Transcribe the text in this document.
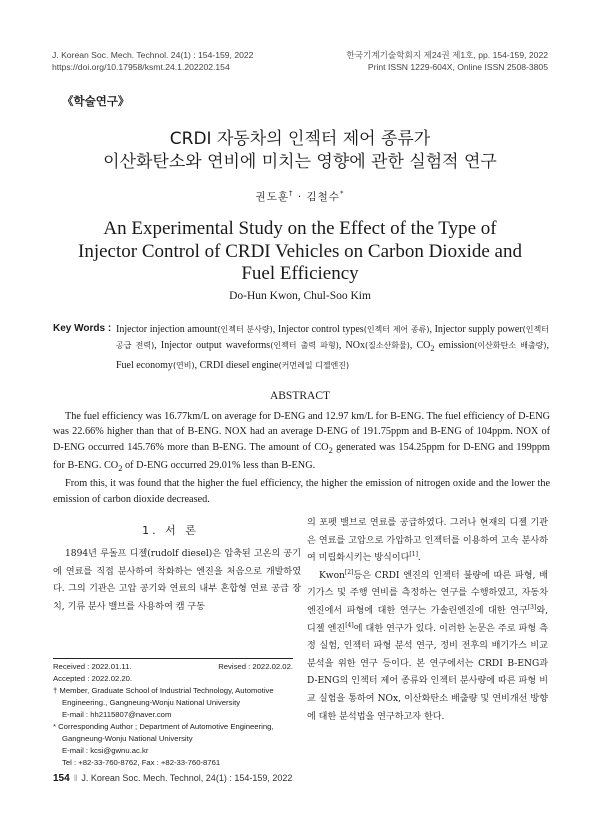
J. Korean Soc. Mech. Technol. 24(1) : 154-159, 2022
https://doi.org/10.17958/ksmt.24.1.202202.154
한국기계기술학회지 제24권 제1호, pp. 154-159, 2022
Print ISSN 1229-604X, Online ISSN 2508-3805
《학술연구》
CRDI 자동차의 인젝터 제어 종류가
이산화탄소와 연비에 미치는 영향에 관한 실험적 연구
권도훈† · 김철수*
An Experimental Study on the Effect of the Type of
Injector Control of CRDI Vehicles on Carbon Dioxide and
Fuel Efficiency
Do-Hun Kwon, Chul-Soo Kim
Key Words : Injector injection amount(인젝터 분사량), Injector control types(인젝터 제어 종류), Injector supply power(인젝터 공급 전력), Injector output waveforms(인젝터 출력 파형), NOx(질소산화물), $CO_2$ emission(이산화탄소 배출량), Fuel economy(연비), CRDI diesel engine(커먼레일 디젤엔진)
ABSTRACT

The fuel efficiency was 16.77km/L on average for D-ENG and 12.97 km/L for B-ENG. The fuel efficiency of D-ENG was 22.66% higher than that of B-ENG. NOX had an average D-ENG of 191.75ppm and B-ENG of 104ppm. NOX of D-ENG occurred 145.76% more than B-ENG. The amount of $CO_2$ generated was 154.25ppm for D-ENG and 199ppm for B-ENG. $CO_2$ of D-ENG occurred 29.01% less than B-ENG.

From this, it was found that the higher the fuel efficiency, the higher the emission of nitrogen oxide and the lower the emission of carbon dioxide decreased.

1. 서 론

1894년 루돌프 디젤(rudolf diesel)은 압축된 고온의 공기에 연료를 직접 분사하여 착화하는 엔진을 처음으로 개발하였다. 그의 기관은 고압 공기와 연료의 내부 혼합형 연료 공급 장치, 기류 분사 밸브를 사용하여 캠 구동

의 포펫 밸브로 연료를 공급하였다. 그러나 현재의 디젤 기관은 연료를 고압으로 가압하고 인젝터를 이용하여 고속 분사하여 미립화시키는 방식이다[1].

Kwon[2]등은 CRDI 엔진의 인젝터 불량에 따른 파형, 배기가스 및 주행 연비를 측정하는 연구를 수행하였고, 자동차 엔진에서 파형에 대한 연구는 가솔린엔진에 대한 연구[3]와, 디젤 엔진[4]에 대한 연구가 있다. 이러한 논문은 주로 파형 측정 실험, 인젝터 파형 분석 연구, 정비 전후의 배기가스 비교분석을 위한 연구 등이다. 본 연구에서는 CRDI B-ENG과 D-ENG의 인젝터 제어 종류와 인젝터 분사량에 따른 파형 비교 실험을 통하여 NOx, 이산화탄소 배출량 및 연비개선 방향에 대한 분석법을 연구하고자 한다.

Received : 2022.01.11.	Revised : 2022.02.02.
Accepted : 2022.02.20.
† Member, Graduate School of Industrial Technology, Automotive Engineering., Gangneung-Wonju National University
E-mail : hh2115807@naver.com
* Corresponding Author ; Department of Automotive Engineering, Gangneung-Wonju National University
E-mail : kcsi@gwnu.ac.kr
Tel : +82-33-760-8762, Fax : +82-33-760-8761
154 ‖ J. Korean Soc. Mech. Technol, 24(1) : 154-159, 2022
